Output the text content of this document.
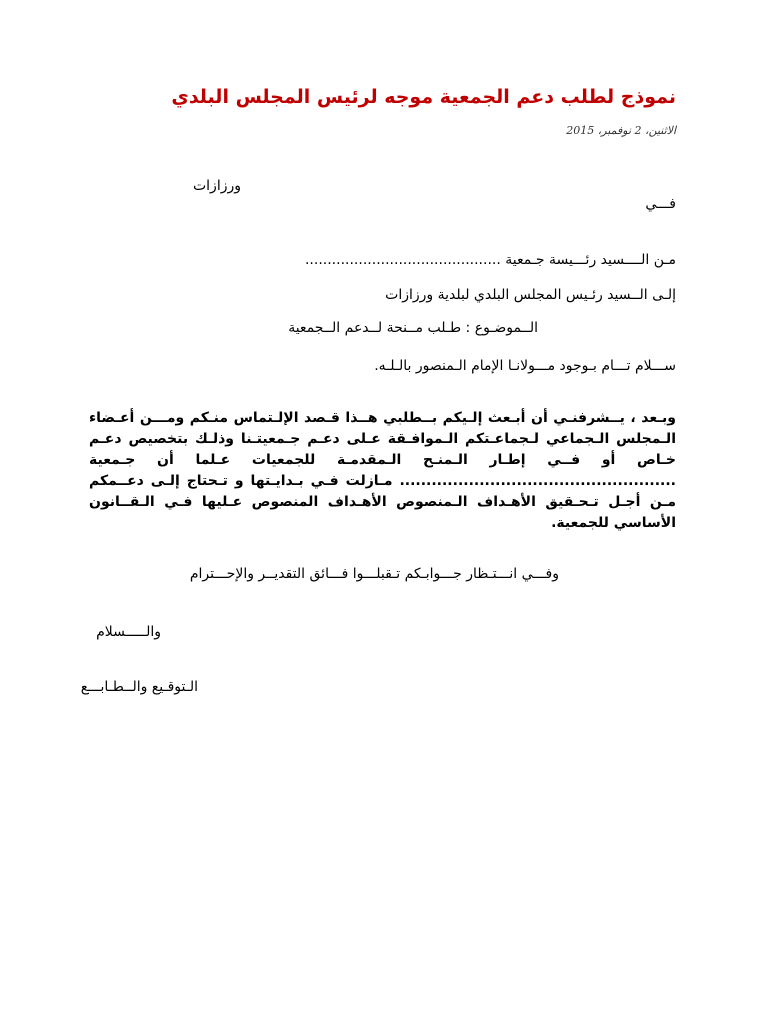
نموذج لطلب دعم الجمعية موجه لرئيس المجلس البلدي
الاثنين، 2 نوفمبر، 2015
ورزازات
فـــي
مـن الــــسيد رئـــيسة جـمعية ............................................
إلـى الــسيد رئـيس المجلس البلدي لبلدية ورزازات
الــموضـوع : طـلب مــنحة لــدعم الــجمعية
ســـلام تـــام بـوجود مـــولانـا الإمام الـمنصور بالـلـه.
وبـعد ، يــشرفنـي أن أبـعث إلـيكم بــطلبي هــذا قـصد الإلـتماس منـكم ومـــن أعـضاء الـمجلس الـجماعي لـجماعـتكم الـموافـقة عـلى دعـم جـمعيتـنا وذلـك بتخصيص دعـم خـاص أو فــي إطـار الـمنـح الـمقدمـة للجمعيات عـلما أن جـمعية .................................................... مـازلت فـي بـدايـتها و تـحتاج إلـى دعــمكم مـن أجـل تـحـقيق الأهـداف الـمنصوص الأهـداف المنصوص عـليها فـي الـقــانون الأساسي للجمعية.
وفـــي انـــتـظار جـــوابـكم تـقبلـــوا فـــائق التقديــر والإحـــترام
والـــــسلام
الـتوقـيع والــطـابـــع
